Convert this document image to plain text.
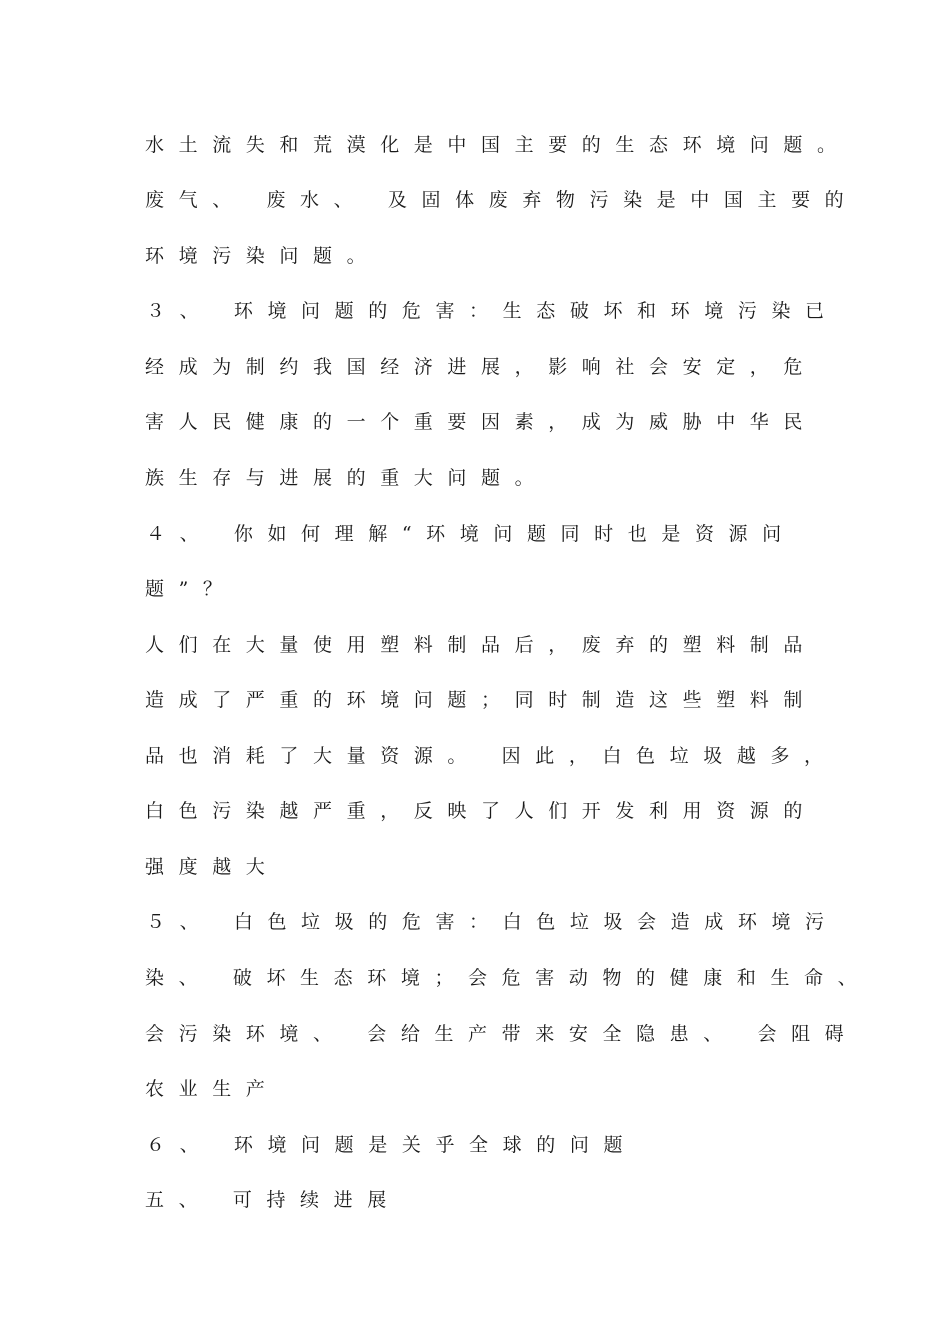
水土流失和荒漠化是中国主要的生态环境问题。
废气、 废水、 及固体废弃物污染是中国主要的
环境污染问题。
３、 环境问题的危害：生态破坏和环境污染已
经成为制约我国经济进展，影响社会安定，危
害人民健康的一个重要因素，成为威胁中华民
族生存与进展的重大问题。
４、 你如何理解“环境问题同时也是资源问
题”？
人们在大量使用塑料制品后，废弃的塑料制品
造成了严重的环境问题；同时制造这些塑料制
品也消耗了大量资源。 因此，白色垃圾越多，
白色污染越严重，反映了人们开发利用资源的
强度越大
５、 白色垃圾的危害：白色垃圾会造成环境污
染、 破坏生态环境；会危害动物的健康和生命、
会污染环境、 会给生产带来安全隐患、 会阻碍
农业生产
６、 环境问题是关乎全球的问题
五、 可持续进展
